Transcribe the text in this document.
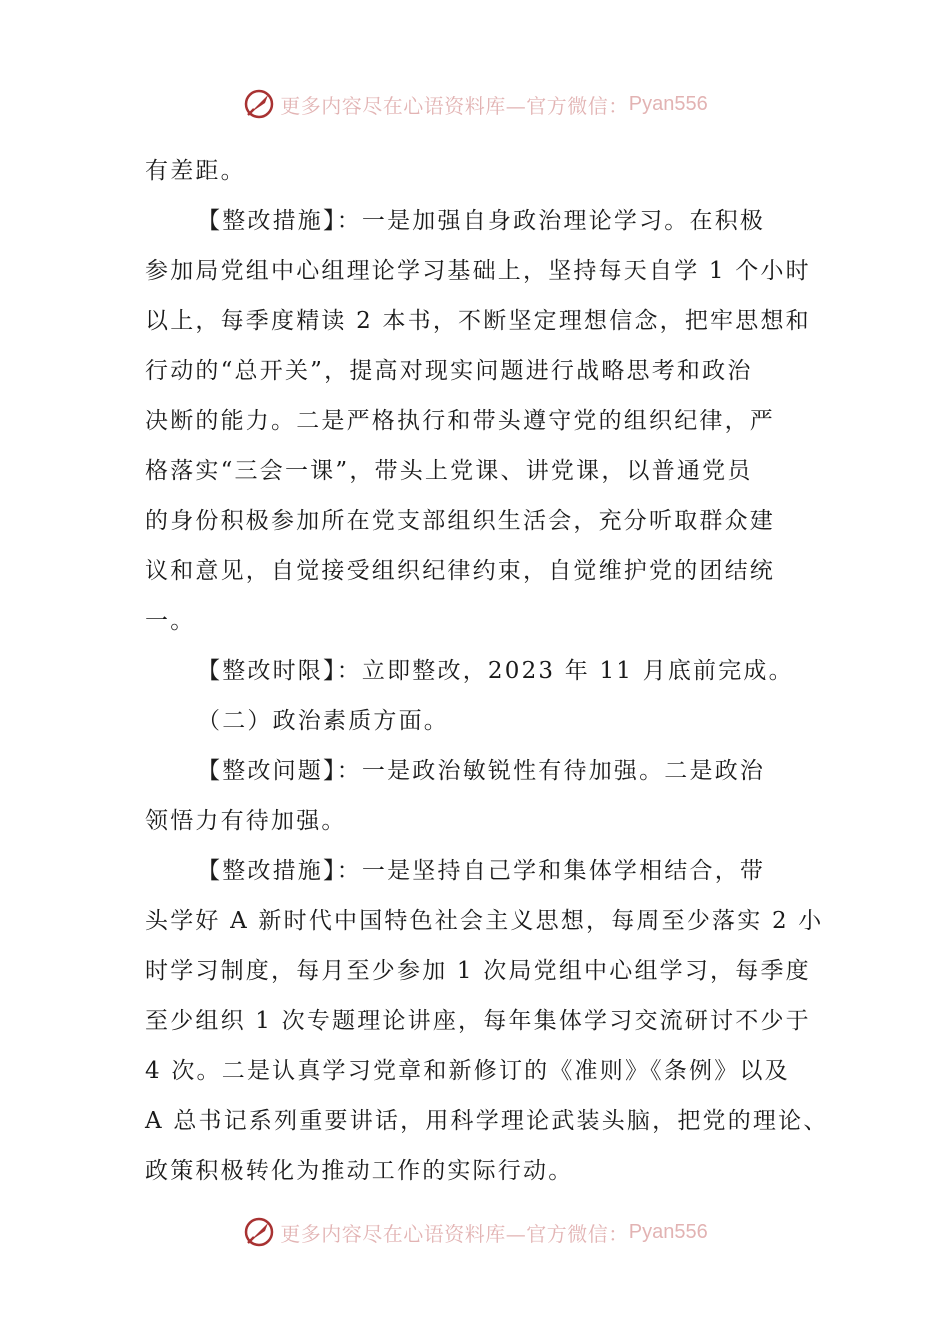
更多内容尽在心语资料库—官方微信： Pyan556
有差距。
【整改措施】：一是加强自身政治理论学习。在积极
参加局党组中心组理论学习基础上，坚持每天自学 1 个小时
以上，每季度精读 2 本书，不断坚定理想信念，把牢思想和
行动的“总开关”，提高对现实问题进行战略思考和政治
决断的能力。二是严格执行和带头遵守党的组织纪律，严
格落实“三会一课”，带头上党课、讲党课，以普通党员
的身份积极参加所在党支部组织生活会，充分听取群众建
议和意见，自觉接受组织纪律约束，自觉维护党的团结统
一。
【整改时限】：立即整改，2023 年 11 月底前完成。
（二）政治素质方面。
【整改问题】：一是政治敏锐性有待加强。二是政治
领悟力有待加强。
【整改措施】：一是坚持自己学和集体学相结合，带
头学好 A 新时代中国特色社会主义思想，每周至少落实 2 小
时学习制度，每月至少参加 1 次局党组中心组学习，每季度
至少组织 1 次专题理论讲座，每年集体学习交流研讨不少于
4 次。二是认真学习党章和新修订的《准则》《条例》以及
A 总书记系列重要讲话，用科学理论武装头脑，把党的理论、
政策积极转化为推动工作的实际行动。
更多内容尽在心语资料库—官方微信： Pyan556
